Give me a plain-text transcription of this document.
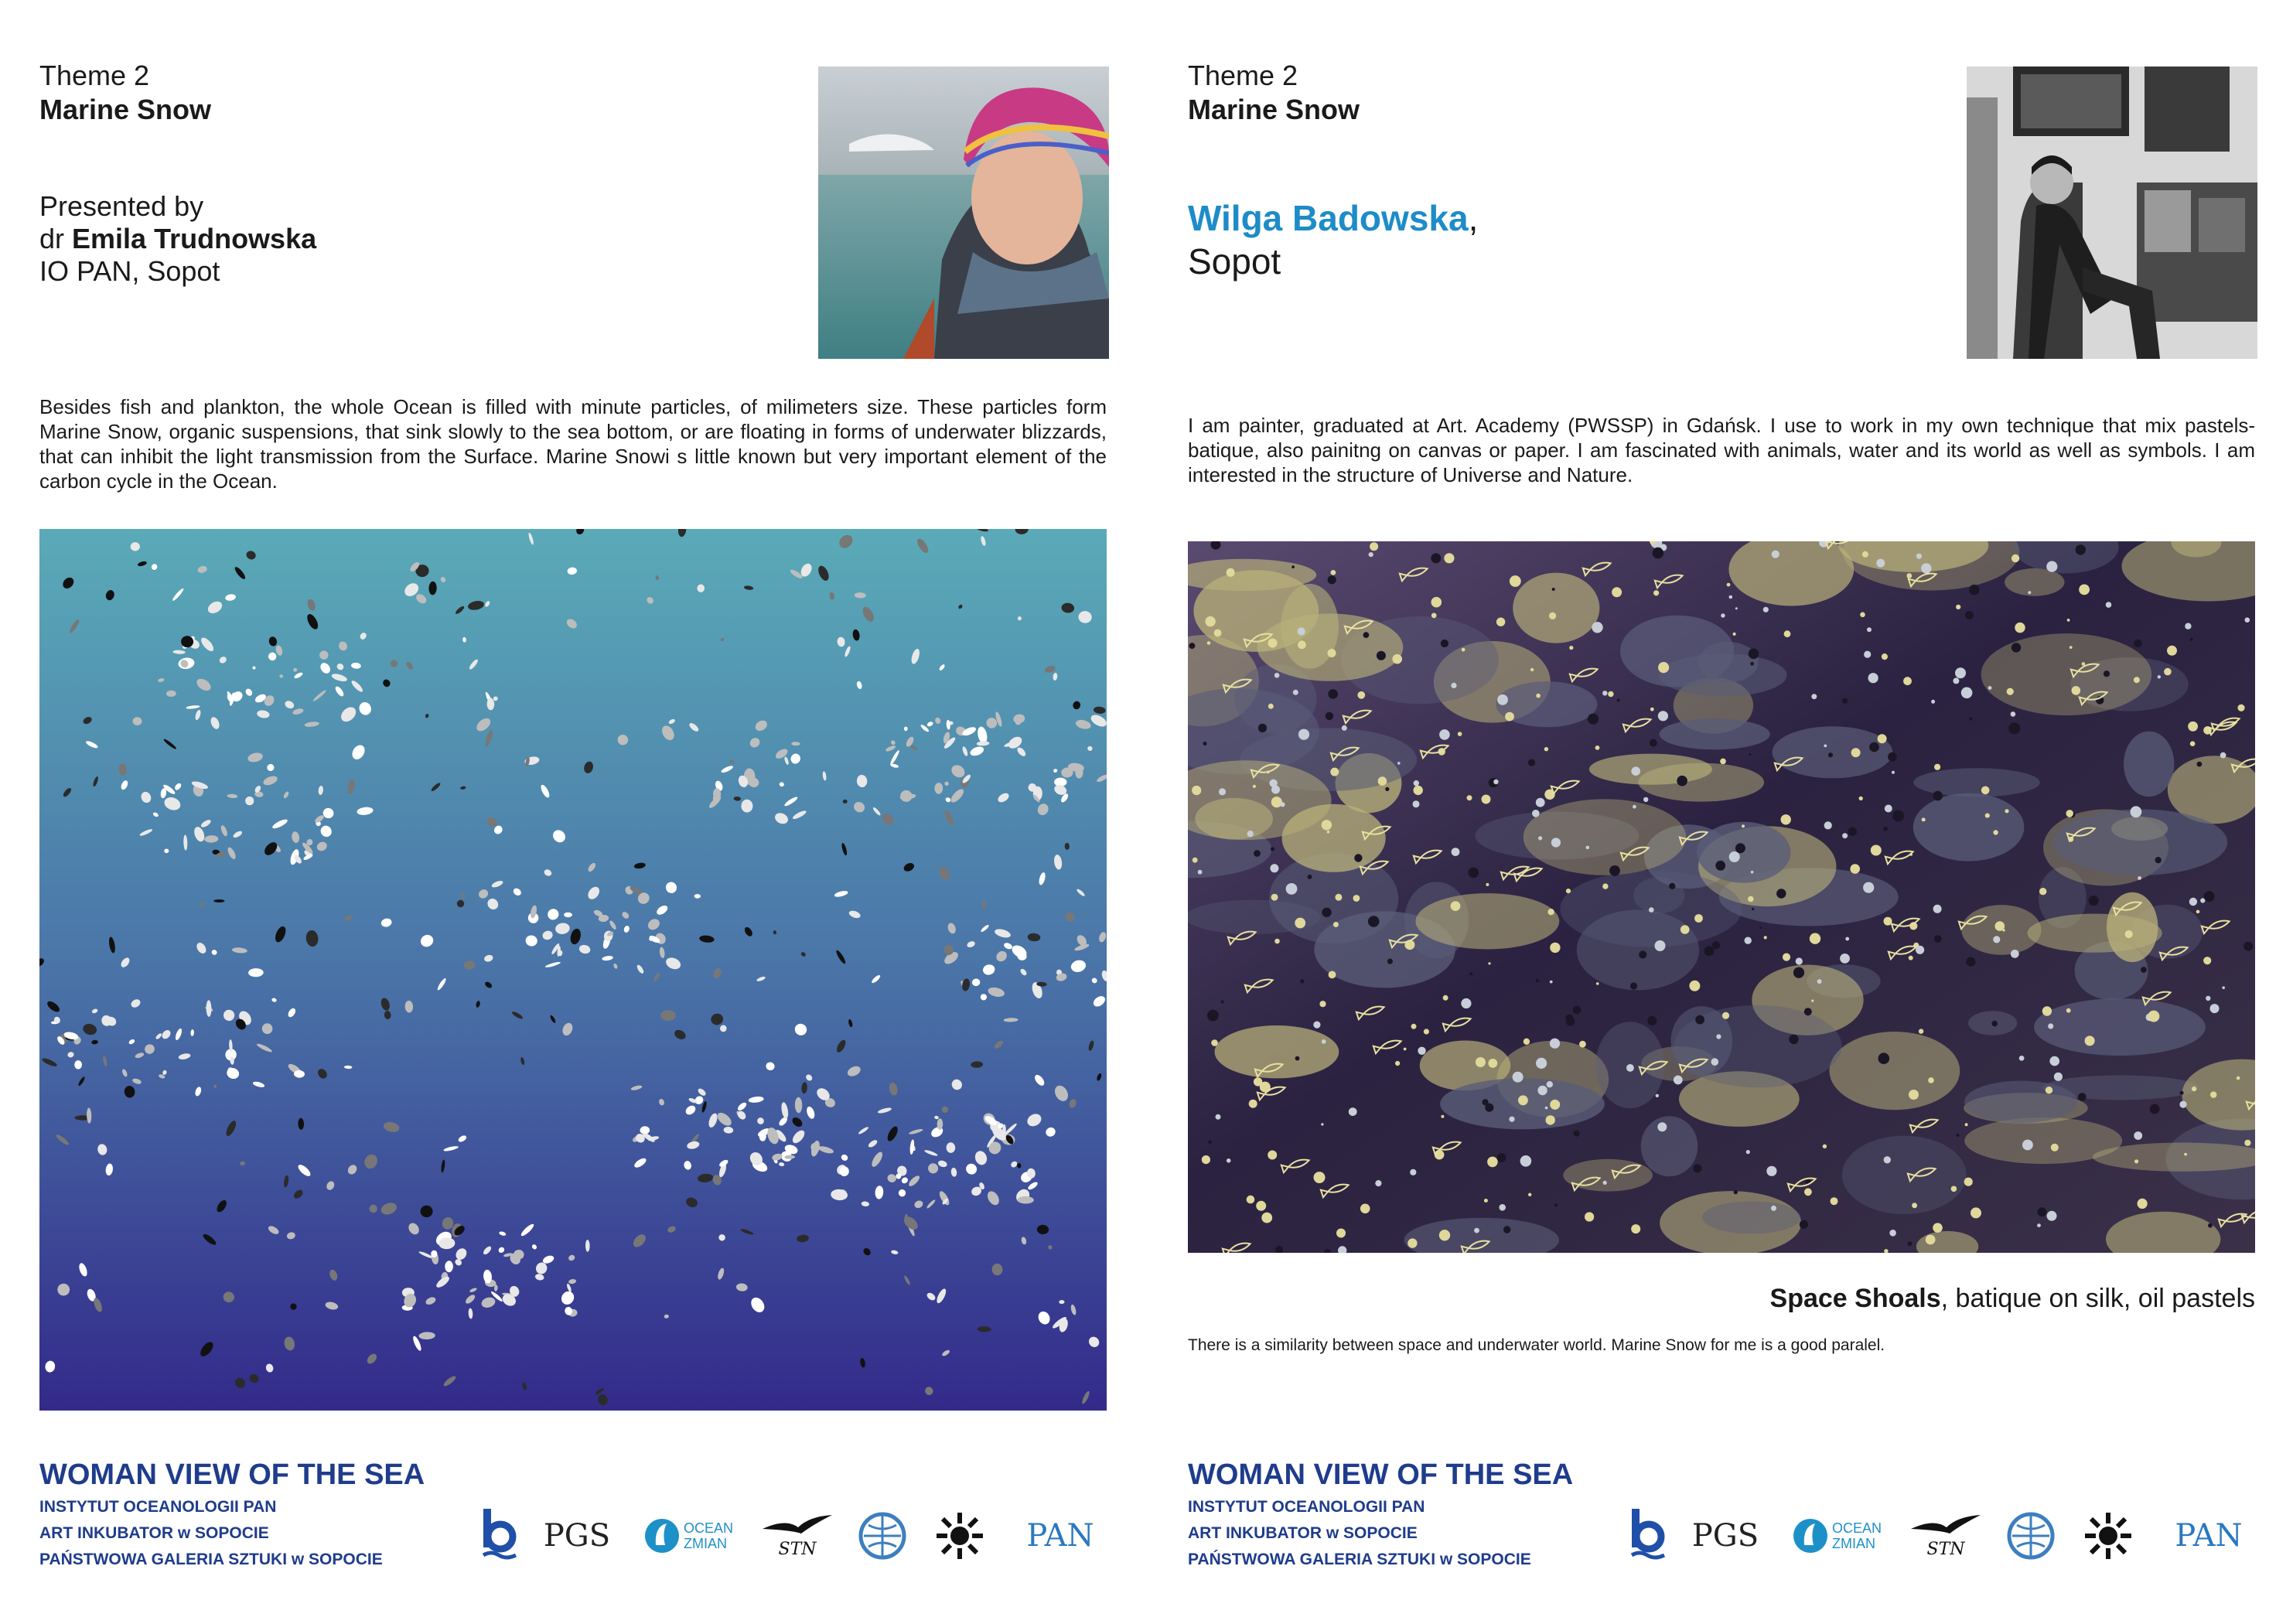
Theme 2
Marine Snow
Presented by
dr Emila Trudnowska
IO PAN, Sopot
Besides fish and plankton, the whole Ocean is filled with minute particles, of milimeters size. These particles form Marine Snow, organic suspensions, that sink slowly to the sea bottom, or are floating in forms of underwater blizzards, that can inhibit the light transmission from the Surface. Marine Snowi s little known but very important element of the carbon cycle in the Ocean.
WOMAN VIEW OF THE SEA
INSTYTUT OCEANOLOGII PAN
ART INKUBATOR w SOPOCIE
PAŃSTWOWA GALERIA SZTUKI w SOPOCIE
PGS	OCEAN
ZMIAN	STN	PAN
Theme 2
Marine Snow
Wilga Badowska,
Sopot
I am painter, graduated at Art. Academy (PWSSP) in Gdańsk. I use to work in my own technique that mix pastels- batique, also painitng on canvas or paper. I am fascinated with animals, water and its world as well as symbols. I am interested in the structure of Universe and Nature.
Space Shoals, batique on silk, oil pastels
There is a similarity between space and underwater world. Marine Snow for me is a good paralel.
WOMAN VIEW OF THE SEA
INSTYTUT OCEANOLOGII PAN
ART INKUBATOR w SOPOCIE
PAŃSTWOWA GALERIA SZTUKI w SOPOCIE
PGS	OCEAN
ZMIAN	STN	PAN
